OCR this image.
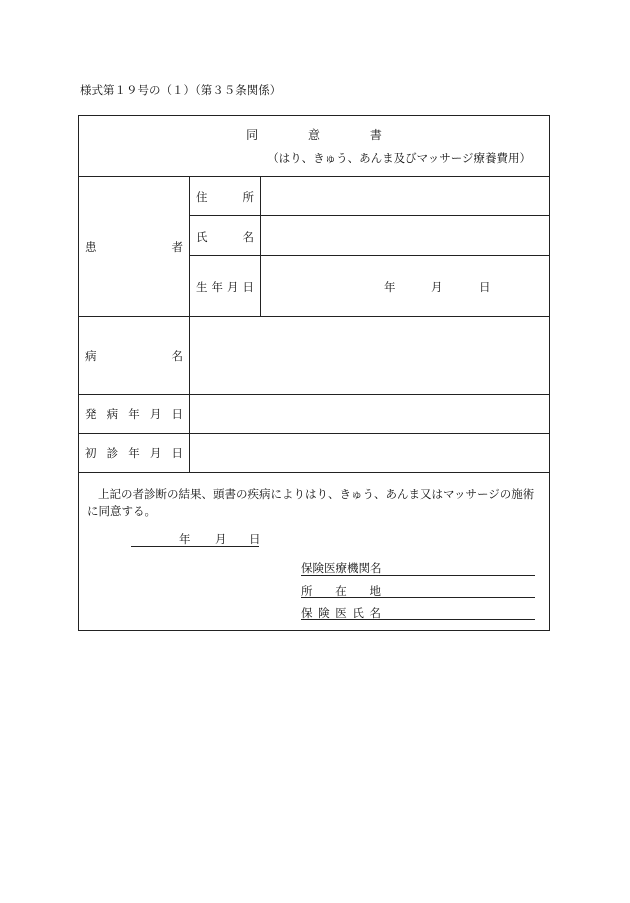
様式第１９号の（１）（第３５条関係）
同	意	書
（はり、きゅう、あんま及びマッサージ療養費用）
患	者
住	所
氏	名
生 年 月 日	年	月	日
病	名
発 病 年 月 日
初 診 年 月 日
上記の者診断の結果、頭書の疾病によりはり、きゅう、あんま又はマッサージの施術に同意する。
年 月 日
保険医療機関名
所 在 地
保 険 医 氏 名
